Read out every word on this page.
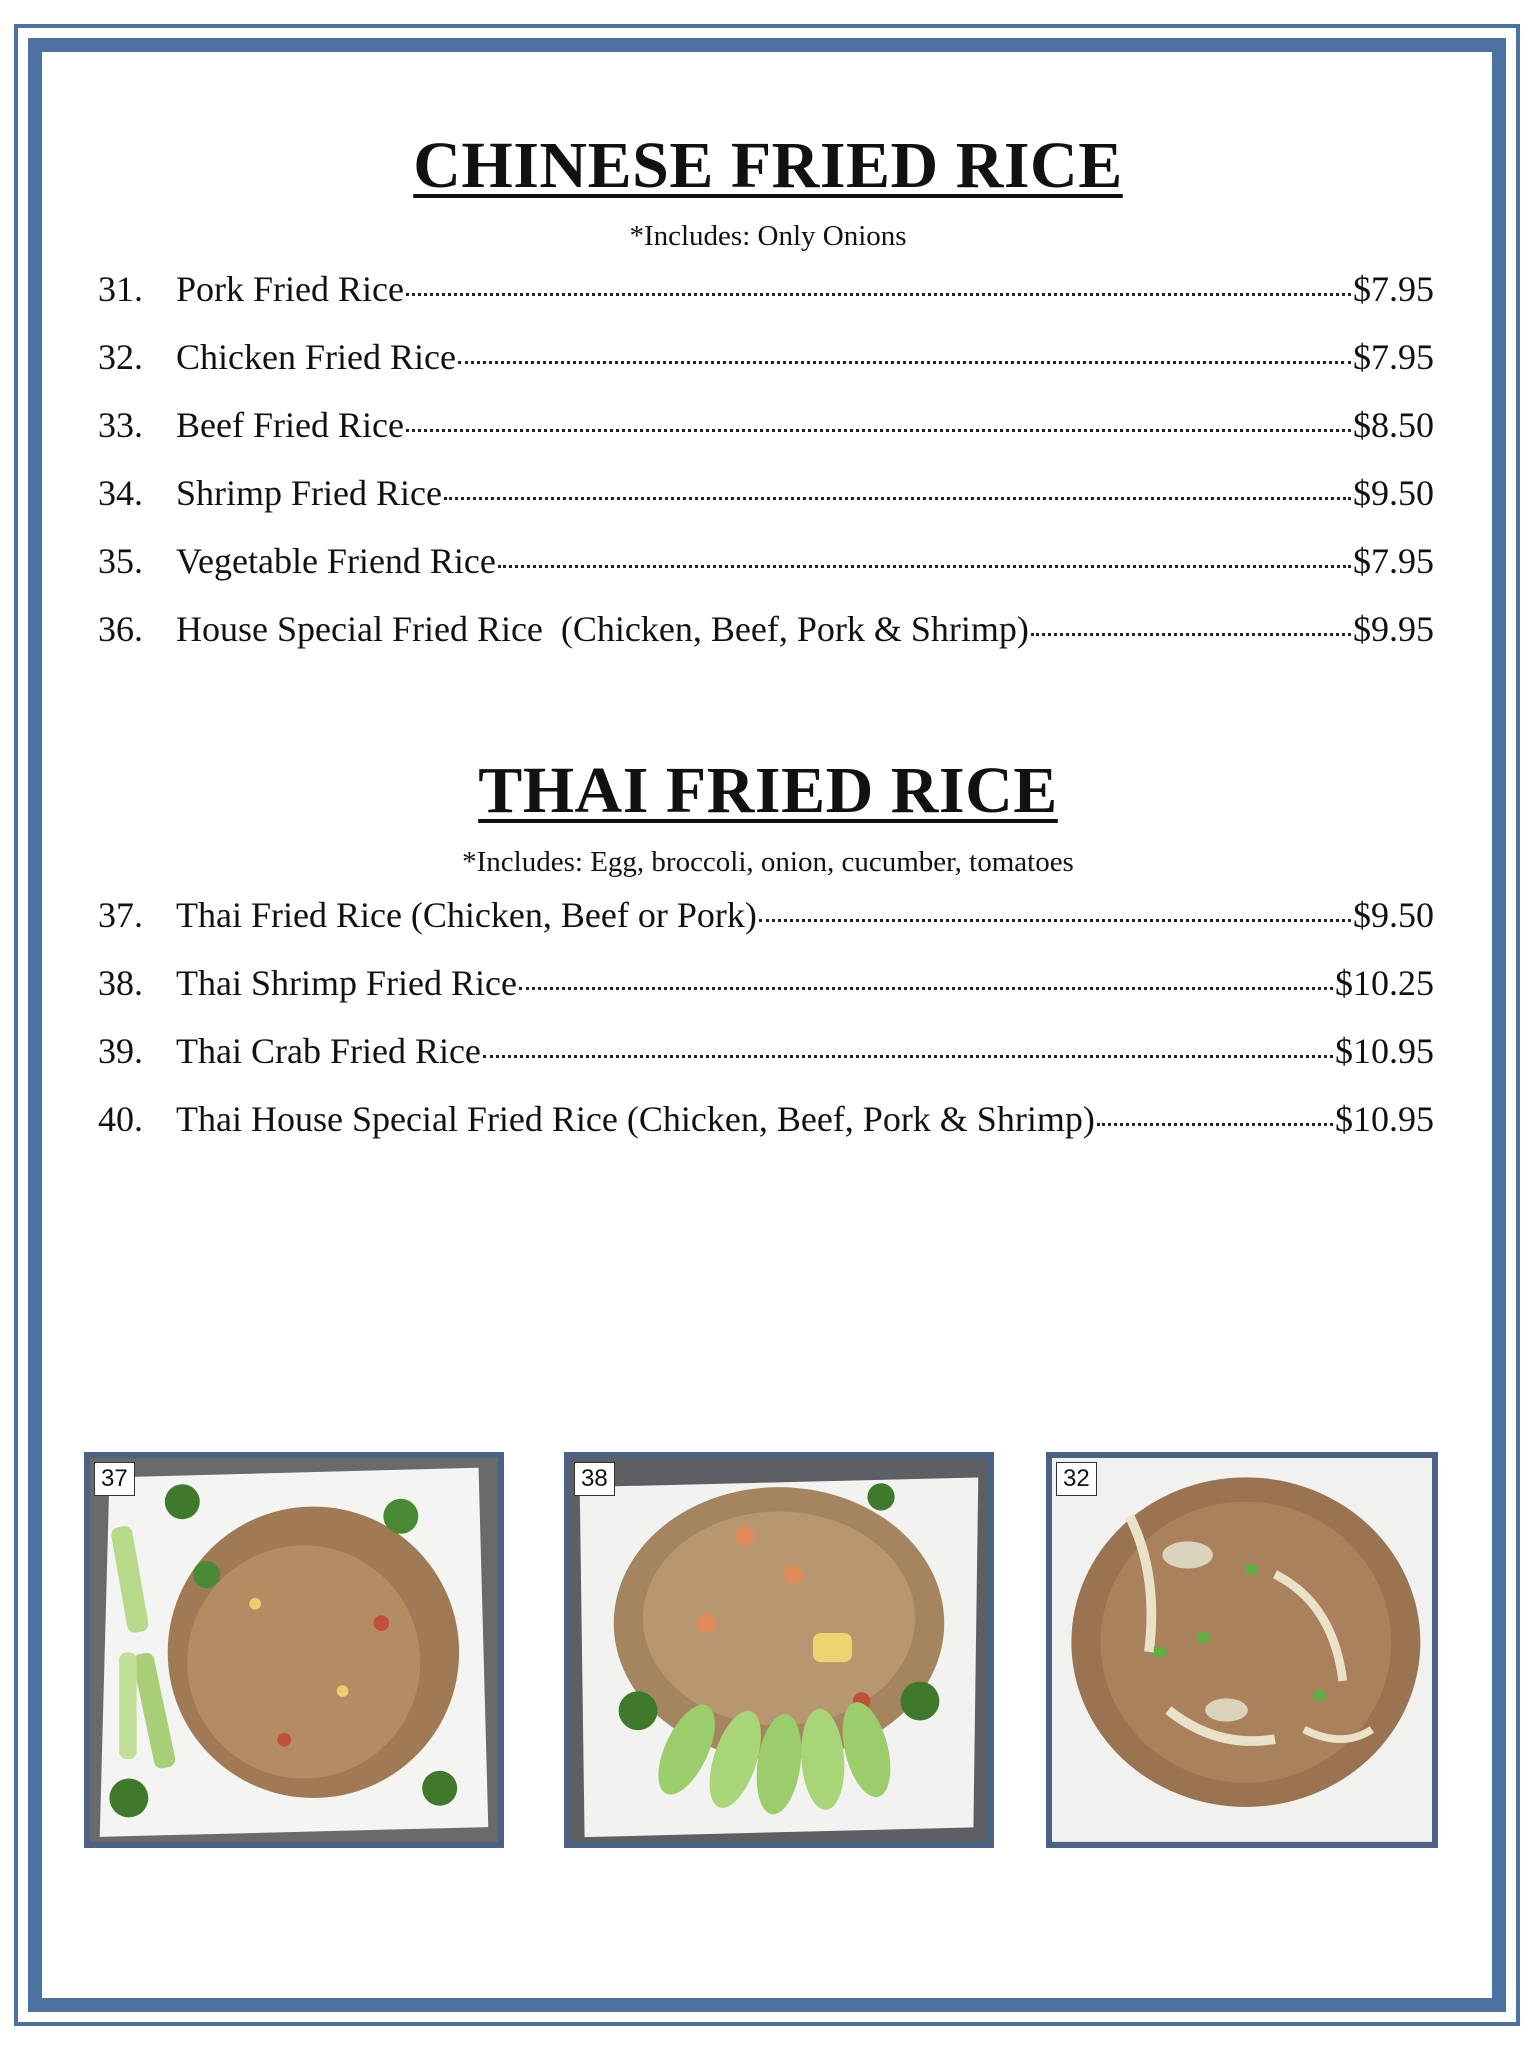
CHINESE FRIED RICE

*Includes: Only Onions

31. Pork Fried Rice	$7.95
32. Chicken Fried Rice	$7.95
33. Beef Fried Rice	$8.50
34. Shrimp Fried Rice	$9.50
35. Vegetable Friend Rice	$7.95
36. House Special Fried Rice  (Chicken, Beef, Pork & Shrimp)	$9.95
THAI FRIED RICE

*Includes: Egg, broccoli, onion, cucumber, tomatoes

37. Thai Fried Rice (Chicken, Beef or Pork)	$9.50
38. Thai Shrimp Fried Rice	$10.25
39. Thai Crab Fried Rice	$10.95
40. Thai House Special Fried Rice (Chicken, Beef, Pork & Shrimp)	$10.95
37	38	32
